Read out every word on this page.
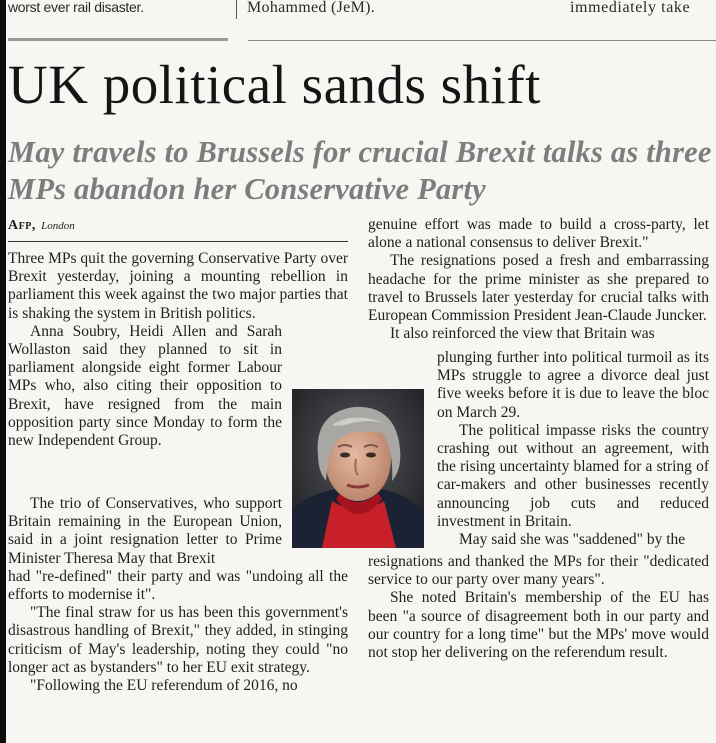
worst ever rail disaster.	Mohammed (JeM).	immediately take
UK political sands shift
May travels to Brussels for crucial Brexit talks as three MPs abandon her Conservative Party
Afp, London

Three MPs quit the governing Conservative Party over Brexit yesterday, joining a mounting rebellion in parliament this week against the two major parties that is shaking the system in British politics.

Anna Soubry, Heidi Allen and Sarah Wollaston said they planned to sit in parliament alongside eight former Labour MPs who, also citing their opposition to Brexit, have resigned from the main opposition party since Monday to form the new Independent Group.

The trio of Conservatives, who support Britain remaining in the European Union, said in a joint resignation letter to Prime Minister Theresa May that Brexit

had "re-defined" their party and was "undoing all the efforts to modernise it".

"The final straw for us has been this government's disastrous handling of Brexit," they added, in stinging criticism of May's leadership, noting they could "no longer act as bystanders" to her EU exit strategy.

"Following the EU referendum of 2016, no

genuine effort was made to build a cross-party, let alone a national consensus to deliver Brexit."

The resignations posed a fresh and embarrassing headache for the prime minister as she prepared to travel to Brussels later yesterday for crucial talks with European Commission President Jean-Claude Juncker.

It also reinforced the view that Britain was

plunging further into political turmoil as its MPs struggle to agree a divorce deal just five weeks before it is due to leave the bloc on March 29.

The political impasse risks the country crashing out without an agreement, with the rising uncertainty blamed for a string of car-makers and other businesses recently announcing job cuts and reduced investment in Britain.

May said she was "saddened" by the

resignations and thanked the MPs for their "dedicated service to our party over many years".

She noted Britain's membership of the EU has been "a source of disagreement both in our party and our country for a long time" but the MPs' move would not stop her delivering on the referendum result.
